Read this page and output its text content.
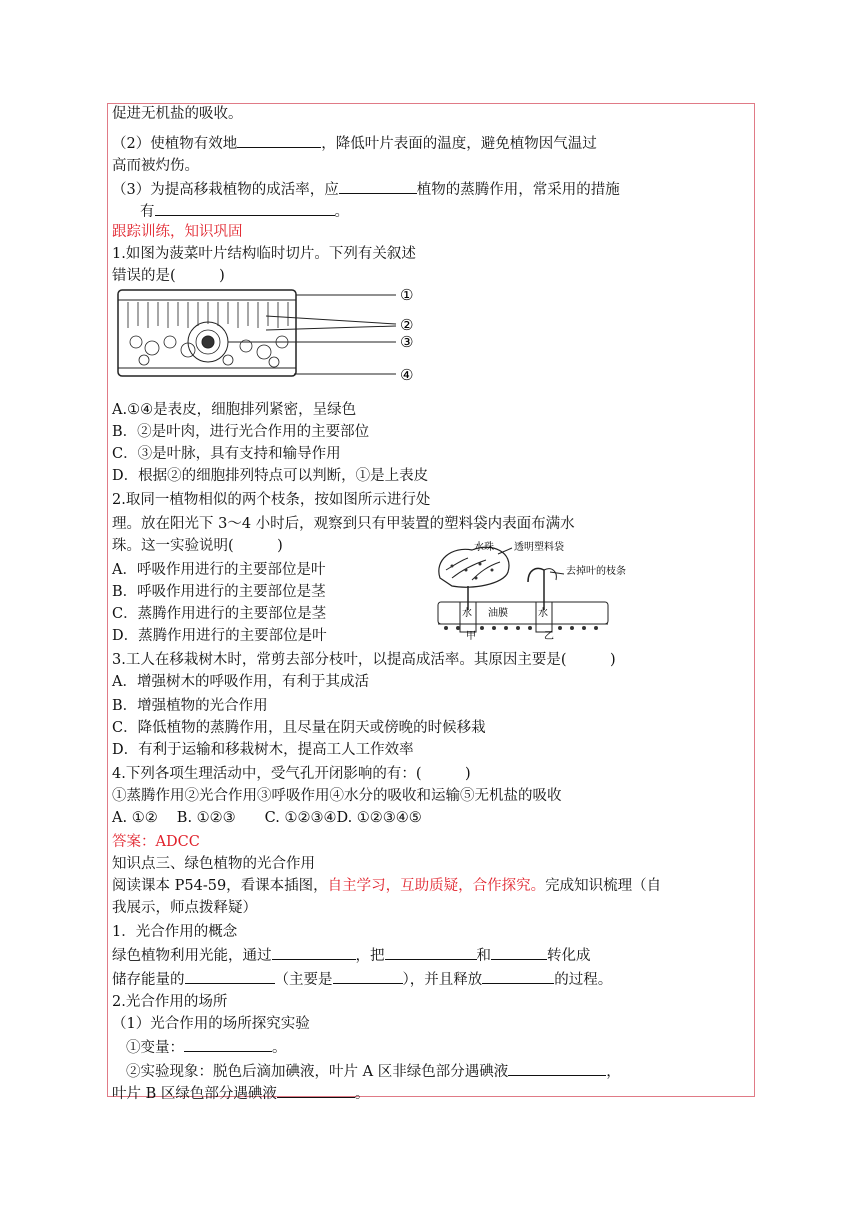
促进无机盐的吸收。
（2）使植物有效地	，降低叶片表面的温度，避免植物因气温过
高而被灼伤。
（3）为提高移栽植物的成活率，应	植物的蒸腾作用，常采用的措施
有	。
跟踪训练，知识巩固
1.如图为菠菜叶片结构临时切片。下列有关叙述
错误的是(　　　)
①
②
③
④
A.①④是表皮，细胞排列紧密，呈绿色
B．②是叶肉，进行光合作用的主要部位
C．③是叶脉，具有支持和输导作用
D．根据②的细胞排列特点可以判断，①是上表皮
2.取同一植物相似的两个枝条，按如图所示进行处
理。放在阳光下 3～4 小时后，观察到只有甲装置的塑料袋内表面布满水
珠。这一实验说明(　　　)
A．呼吸作用进行的主要部位是叶
B．呼吸作用进行的主要部位是茎
C．蒸腾作用进行的主要部位是茎
D．蒸腾作用进行的主要部位是叶
水珠 透明塑料袋
去掉叶的枝条
水 油膜	水
甲	乙
3.工人在移栽树木时，常剪去部分枝叶，以提高成活率。其原因主要是(　　　)
A．增强树木的呼吸作用，有利于其成活
B．增强植物的光合作用
C．降低植物的蒸腾作用，且尽量在阴天或傍晚的时候移栽
D．有利于运输和移栽树木，提高工人工作效率
4.下列各项生理活动中，受气孔开闭影响的有：(　　　)
①蒸腾作用②光合作用③呼吸作用④水分的吸收和运输⑤无机盐的吸收
A. ①②　 B. ①②③　　C. ①②③④D. ①②③④⑤
答案：ADCC
知识点三、绿色植物的光合作用
阅读课本 P54-59，看课本插图，自主学习，互助质疑，合作探究。完成知识梳理（自
我展示，师点拨释疑）
1．光合作用的概念
绿色植物利用光能，通过	，把	和	转化成
储存能量的	（主要是	），并且释放	的过程。
2.光合作用的场所
（1）光合作用的场所探究实验
①变量：	。
②实验现象：脱色后滴加碘液，叶片 A 区非绿色部分遇碘液	，
叶片 B 区绿色部分遇碘液	。
